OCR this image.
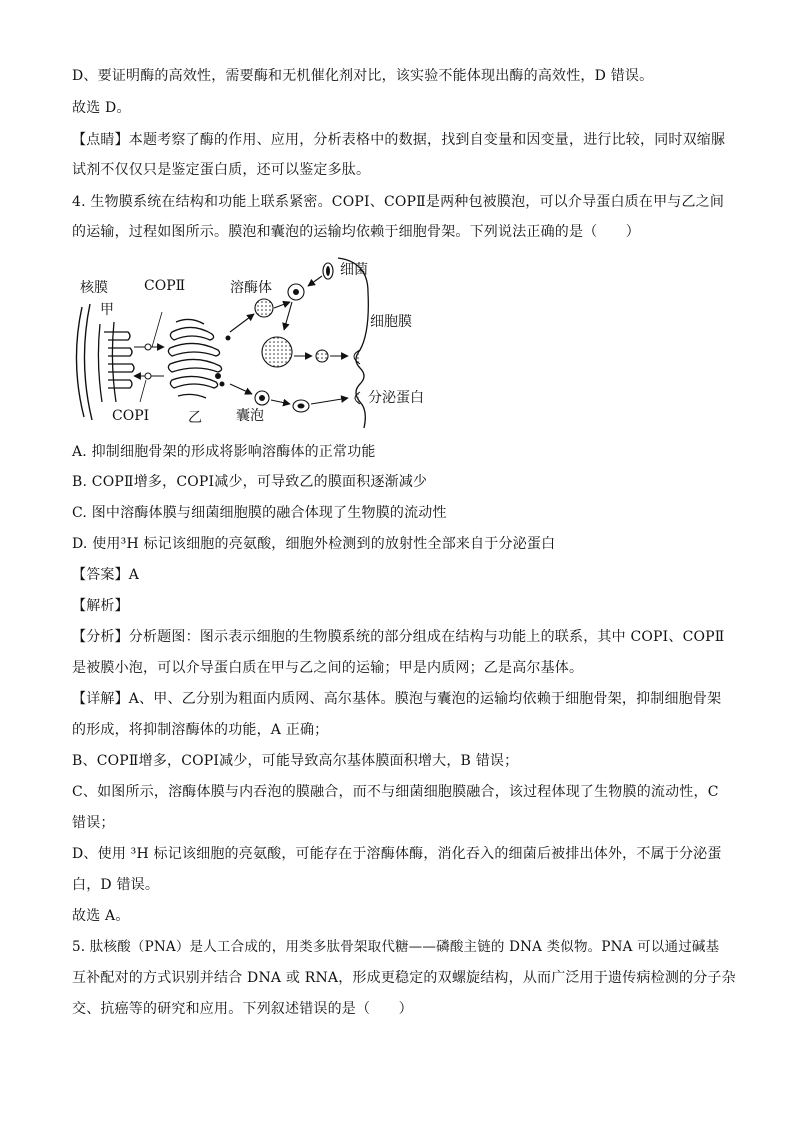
D、要证明酶的高效性，需要酶和无机催化剂对比，该实验不能体现出酶的高效性，D 错误。
故选 D。
【点睛】本题考察了酶的作用、应用，分析表格中的数据，找到自变量和因变量，进行比较，同时双缩脲
试剂不仅仅只是鉴定蛋白质，还可以鉴定多肽。
4. 生物膜系统在结构和功能上联系紧密。COPⅠ、COPⅡ是两种包被膜泡，可以介导蛋白质在甲与乙之间
的运输，过程如图所示。膜泡和囊泡的运输均依赖于细胞骨架。下列说法正确的是（　　）
核膜
甲
COPⅡ
COPⅠ	乙
溶酶体
细菌
细胞膜
囊泡
分泌蛋白
A. 抑制细胞骨架的形成将影响溶酶体的正常功能
B. COPⅡ增多，COPⅠ减少，可导致乙的膜面积逐渐减少
C. 图中溶酶体膜与细菌细胞膜的融合体现了生物膜的流动性
D. 使用³H 标记该细胞的亮氨酸，细胞外检测到的放射性全部来自于分泌蛋白
【答案】A
【解析】
【分析】分析题图：图示表示细胞的生物膜系统的部分组成在结构与功能上的联系，其中 COPⅠ、COPⅡ
是被膜小泡，可以介导蛋白质在甲与乙之间的运输；甲是内质网；乙是高尔基体。
【详解】A、甲、乙分别为粗面内质网、高尔基体。膜泡与囊泡的运输均依赖于细胞骨架，抑制细胞骨架
的形成，将抑制溶酶体的功能，A 正确；
B、COPⅡ增多，COPⅠ减少，可能导致高尔基体膜面积增大，B 错误；
C、如图所示，溶酶体膜与内吞泡的膜融合，而不与细菌细胞膜融合，该过程体现了生物膜的流动性，C
错误；
D、使用 ³H 标记该细胞的亮氨酸，可能存在于溶酶体酶，消化吞入的细菌后被排出体外，不属于分泌蛋
白，D 错误。
故选 A。
5. 肽核酸（PNA）是人工合成的，用类多肽骨架取代糖——磷酸主链的 DNA 类似物。PNA 可以通过碱基
互补配对的方式识别并结合 DNA 或 RNA，形成更稳定的双螺旋结构，从而广泛用于遗传病检测的分子杂
交、抗癌等的研究和应用。下列叙述错误的是（　　）
